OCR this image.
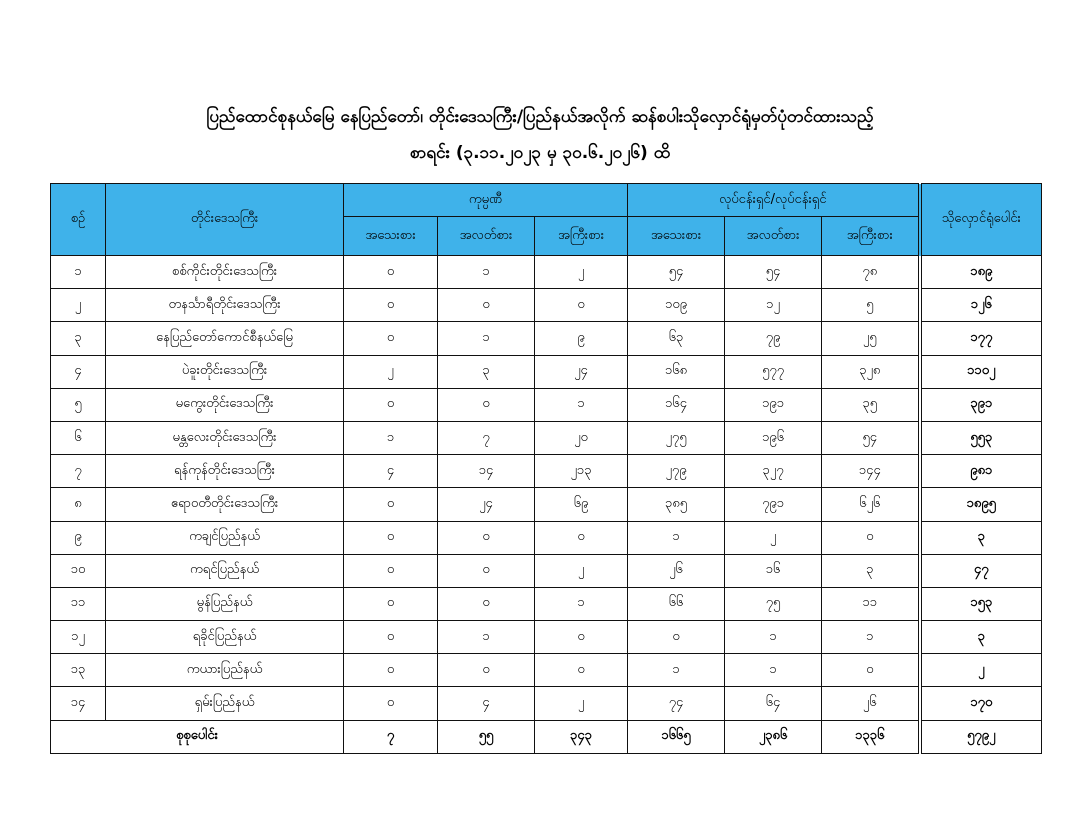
ပြည်ထောင်စုနယ်မြေ နေပြည်တော်၊ တိုင်းဒေသကြီး/ပြည်နယ်အလိုက် ဆန်စပါးသိုလှောင်ရုံမှတ်ပုံတင်ထားသည့်
စာရင်း (၃.၁၁.၂၀၂၃ မှ ၃၀.၆.၂၀၂၆) ထိ
စဉ်	တိုင်းဒေသကြီး	ကုမ္ပဏီ			လုပ်ငန်းရှင်/လုပ်ငန်းရှင်			သိုလှောင်ရုံပေါင်း
		အသေးစား	အလတ်စား	အကြီးစား	အသေးစား	အလတ်စား	အကြီးစား	
၁	စစ်ကိုင်းတိုင်းဒေသကြီး	၀	၁	၂	၅၄	၅၄	၇၈	၁၈၉
၂	တနင်္သာရီတိုင်းဒေသကြီး	၀	၀	၀	၁၀၉	၁၂	၅	၁၂၆
၃	နေပြည်တော်ကောင်စီနယ်မြေ	၀	၁	၉	၆၃	၇၉	၂၅	၁၇၇
၄	ပဲခူးတိုင်းဒေသကြီး	၂	၃	၂၄	၁၆၈	၅၇၇	၃၂၈	၁၁၀၂
၅	မကွေးတိုင်းဒေသကြီး	၀	၀	၁	၁၆၄	၁၉၁	၃၅	၃၉၁
၆	မန္တလေးတိုင်းဒေသကြီး	၁	၇	၂၀	၂၇၅	၁၉၆	၅၄	၅၅၃
၇	ရန်ကုန်တိုင်းဒေသကြီး	၄	၁၄	၂၁၃	၂၇၉	၃၂၇	၁၄၄	၉၈၁
၈	ဧရာဝတီတိုင်းဒေသကြီး	၀	၂၄	၆၉	၃၈၅	၇၉၁	၆၂၆	၁၈၉၅
၉	ကချင်ပြည်နယ်	၀	၀	၀	၁	၂	၀	၃
၁၀	ကရင်ပြည်နယ်	၀	၀	၂	၂၆	၁၆	၃	၄၇
၁၁	မွန်ပြည်နယ်	၀	၀	၁	၆၆	၇၅	၁၁	၁၅၃
၁၂	ရခိုင်ပြည်နယ်	၀	၁	၀	၀	၁	၁	၃
၁၃	ကယားပြည်နယ်	၀	၀	၀	၁	၁	၀	၂
၁၄	ရှမ်းပြည်နယ်	၀	၄	၂	၇၄	၆၄	၂၆	၁၇၀
စုစုပေါင်း		၇	၅၅	၃၄၃	၁၆၆၅	၂၃၈၆	၁၃၃၆	၅၇၉၂
